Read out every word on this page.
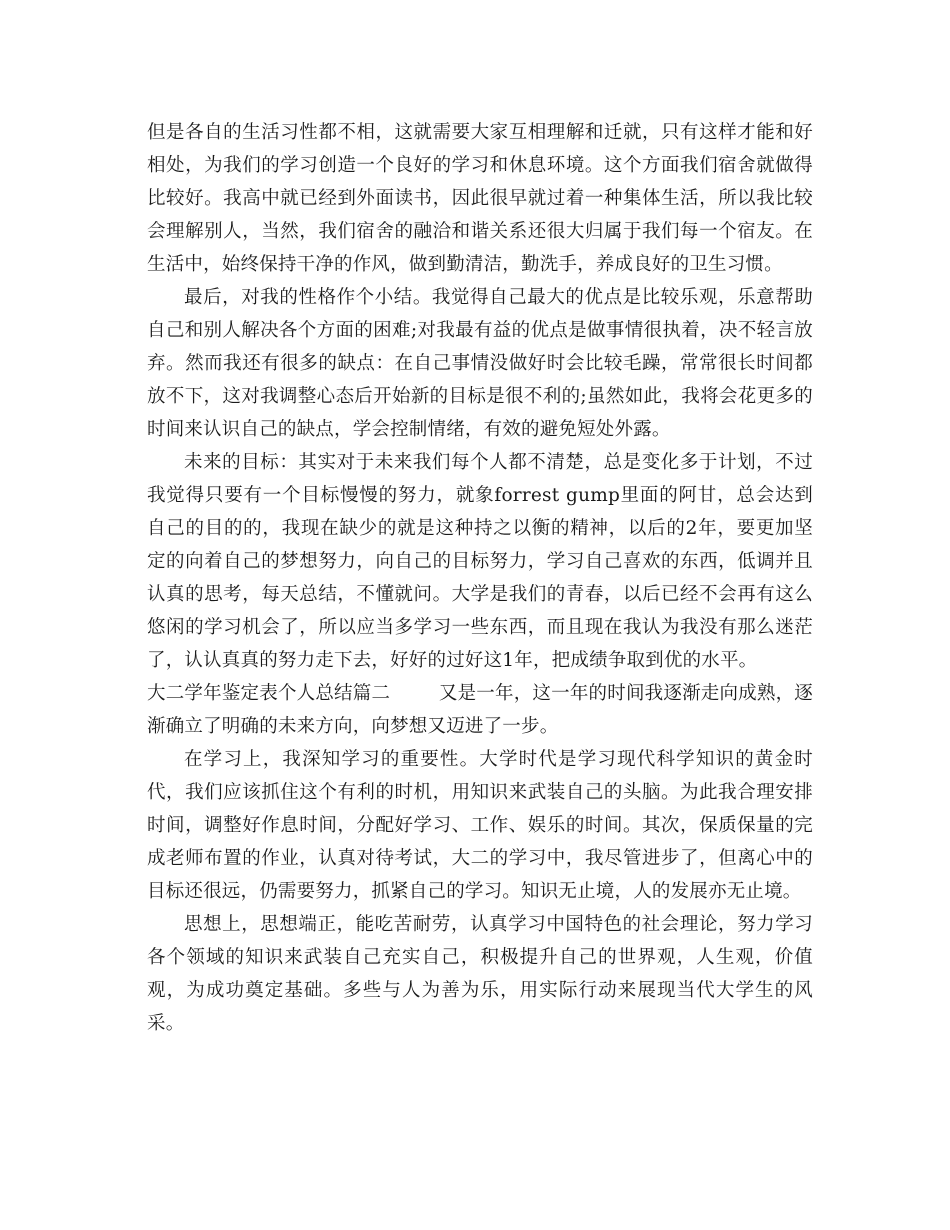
但是各自的生活习性都不相，这就需要大家互相理解和迁就，只有这样才能和好相处，为我们的学习创造一个良好的学习和休息环境。这个方面我们宿舍就做得比较好。我高中就已经到外面读书，因此很早就过着一种集体生活，所以我比较会理解别人，当然，我们宿舍的融洽和谐关系还很大归属于我们每一个宿友。在生活中，始终保持干净的作风，做到勤清洁，勤洗手，养成良好的卫生习惯。

最后，对我的性格作个小结。我觉得自己最大的优点是比较乐观，乐意帮助自己和别人解决各个方面的困难;对我最有益的优点是做事情很执着，决不轻言放弃。然而我还有很多的缺点：在自己事情没做好时会比较毛躁，常常很长时间都放不下，这对我调整心态后开始新的目标是很不利的;虽然如此，我将会花更多的时间来认识自己的缺点，学会控制情绪，有效的避免短处外露。

未来的目标：其实对于未来我们每个人都不清楚，总是变化多于计划，不过我觉得只要有一个目标慢慢的努力，就象forrest gump里面的阿甘，总会达到自己的目的的，我现在缺少的就是这种持之以衡的精神，以后的2年，要更加坚定的向着自己的梦想努力，向自己的目标努力，学习自己喜欢的东西，低调并且认真的思考，每天总结，不懂就问。大学是我们的青春，以后已经不会再有这么悠闲的学习机会了，所以应当多学习一些东西，而且现在我认为我没有那么迷茫了，认认真真的努力走下去，好好的过好这1年，把成绩争取到优的水平。

大二学年鉴定表个人总结篇二	又是一年，这一年的时间我逐渐走向成熟，逐渐确立了明确的未来方向，向梦想又迈进了一步。

在学习上，我深知学习的重要性。大学时代是学习现代科学知识的黄金时代，我们应该抓住这个有利的时机，用知识来武装自己的头脑。为此我合理安排时间，调整好作息时间，分配好学习、工作、娱乐的时间。其次，保质保量的完成老师布置的作业，认真对待考试，大二的学习中，我尽管进步了，但离心中的目标还很远，仍需要努力，抓紧自己的学习。知识无止境，人的发展亦无止境。

思想上，思想端正，能吃苦耐劳，认真学习中国特色的社会理论，努力学习各个领域的知识来武装自己充实自己，积极提升自己的世界观，人生观，价值观，为成功奠定基础。多些与人为善为乐，用实际行动来展现当代大学生的风采。
